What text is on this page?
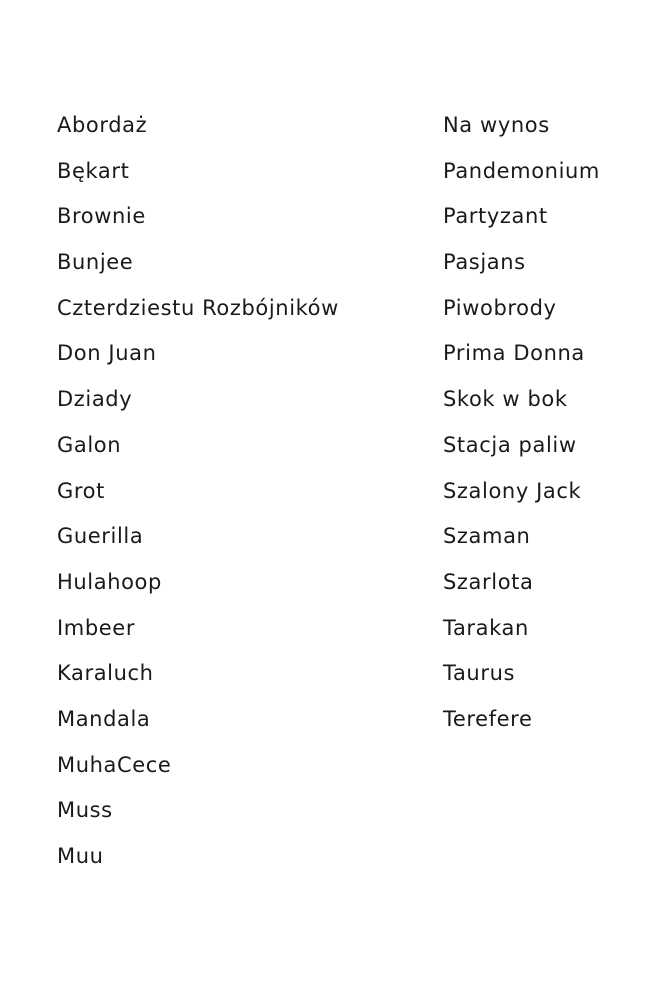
Abordaż
Bękart
Brownie
Bunjee
Czterdziestu Rozbójników
Don Juan
Dziady
Galon
Grot
Guerilla
Hulahoop
Imbeer
Karaluch
Mandala
MuhaCece
Muss
Muu
Na wynos
Pandemonium
Partyzant
Pasjans
Piwobrody
Prima Donna
Skok w bok
Stacja paliw
Szalony Jack
Szaman
Szarlota
Tarakan
Taurus
Terefere
